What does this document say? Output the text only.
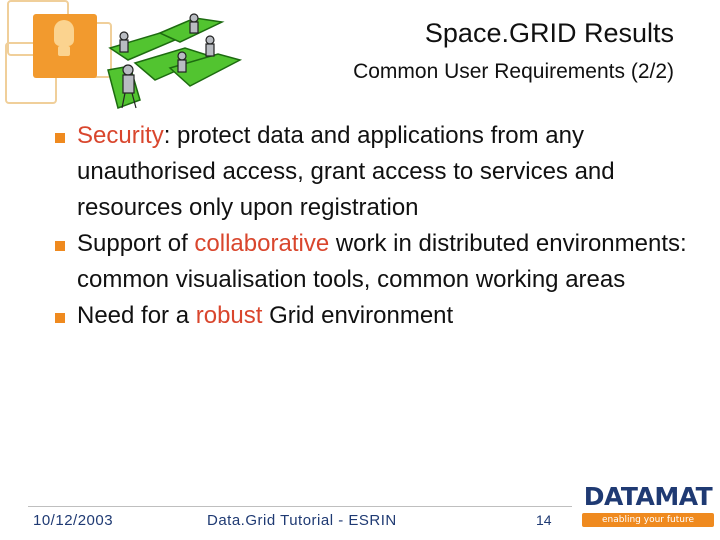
Space.GRID Results
Common User Requirements (2/2)
Security: protect data and applications from any unauthorised access, grant access to services and resources only upon registration
Support of collaborative work in distributed environments: common visualisation tools, common working areas
Need for a robust Grid environment
10/12/2003	Data.Grid Tutorial - ESRIN	14
DATAMAT
enabling your future
